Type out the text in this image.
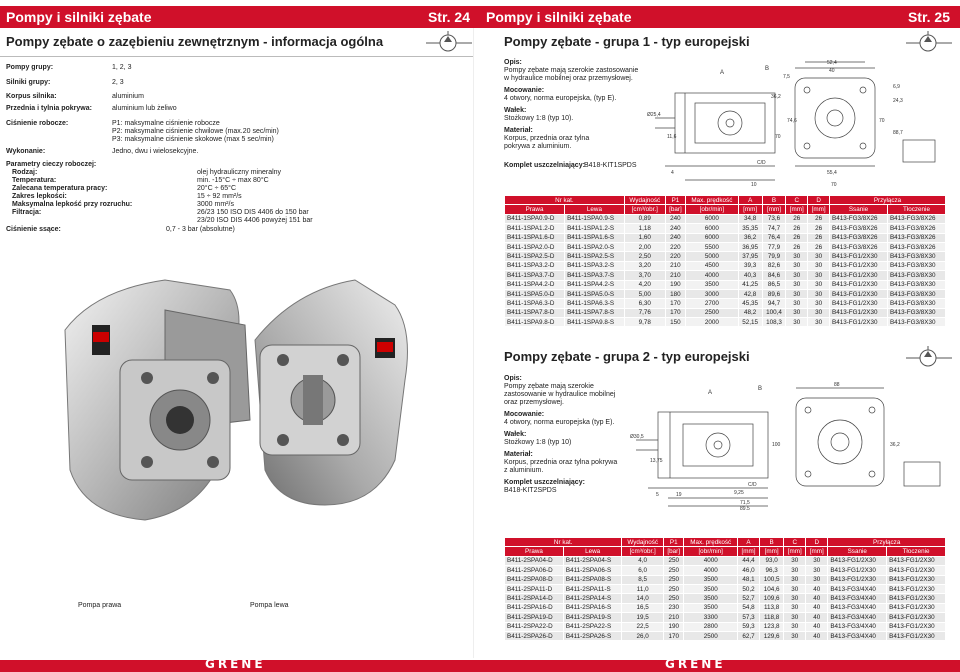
Pompy i silniki zębate	Str. 24
Pompy zębate o zazębieniu zewnętrznym - informacja ogólna
Pompy grupy:	1, 2, 3
Silniki grupy:	2, 3
Korpus silnika:	aluminium
Przednia i tylnia pokrywa:	aluminium lub żeliwo
Ciśnienie robocze:	P1: maksymalne ciśnienie robocze
P2: maksymalne ciśnienie chwilowe (max.20 sec/min)
P3: maksymalne ciśnienie skokowe (max 5 sec/min)
Wykonanie:	Jedno, dwu i wielosekcyjne.
Parametry cieczy roboczej:
Rodzaj:	olej hydrauliczny mineralny
Temperatura:	min. -15°C ÷ max 80°C
Zalecana temperatura pracy:	20°C ÷ 65°C
Zakres lepkości:	15 ÷ 92 mm²/s
Maksymalna lepkość przy rozruchu:	3000 mm²/s
Filtracja:	26/23 150 ISO DIS 4406 do 150 bar
23/20 ISO DIS 4406 powyżej 151 bar
Ciśnienie ssące:	0,7 - 3 bar (absolutne)
Pompa prawa	Pompa lewa
GRENE
Pompy i silniki zębate	Str. 25
Pompy zębate - grupa 1 - typ europejski
Opis:
Pompy zębate mają szerokie zastosowanie
w hydraulice mobilnej oraz przemysłowej.
Mocowanie:
4 otwory, norma europejska, (typ E).
Wałek:
Stożkowy 1:8 (typ 10).
Materiał:
Korpus, przednia oraz tylna
pokrywa z aluminium.
Komplet uszczelniający: B418-KIT1SPDS
A
B
52,4
40
74,6	70
6,9
24,3
88,7
36,2
7,5
Ø25,4
11,6	70
55,4
70
C/D
4
10
Nr kat.		Wydajność	P1	Max. prędkość	A	B	C	D	Przyłącza	
Prawa	Lewa	[cm³/obr.]	[bar]	[obr/min]	[mm]	[mm]	[mm]	[mm]	Ssanie	Tłoczenie
B411-1SPA0.9-D	B411-1SPA0.9-S	0,89	240	6000	34,8	73,6	26	26	B413-FG3/8X26	B413-FG3/8X26
B411-1SPA1.2-D	B411-1SPA1.2-S	1,18	240	6000	35,35	74,7	26	26	B413-FG3/8X26	B413-FG3/8X26
B411-1SPA1.6-D	B411-1SPA1.6-S	1,60	240	6000	36,2	76,4	26	26	B413-FG3/8X26	B413-FG3/8X26
B411-1SPA2.0-D	B411-1SPA2.0-S	2,00	220	5500	36,95	77,9	26	26	B413-FG3/8X26	B413-FG3/8X26
B411-1SPA2.5-D	B411-1SPA2.5-S	2,50	220	5000	37,95	79,9	30	30	B413-FG1/2X30	B413-FG3/8X30
B411-1SPA3.2-D	B411-1SPA3.2-S	3,20	210	4500	39,3	82,6	30	30	B413-FG1/2X30	B413-FG3/8X30
B411-1SPA3.7-D	B411-1SPA3.7-S	3,70	210	4000	40,3	84,6	30	30	B413-FG1/2X30	B413-FG3/8X30
B411-1SPA4.2-D	B411-1SPA4.2-S	4,20	190	3500	41,25	86,5	30	30	B413-FG1/2X30	B413-FG3/8X30
B411-1SPA5.0-D	B411-1SPA5.0-S	5,00	180	3000	42,8	89,6	30	30	B413-FG1/2X30	B413-FG3/8X30
B411-1SPA6.3-D	B411-1SPA6.3-S	6,30	170	2700	45,35	94,7	30	30	B413-FG1/2X30	B413-FG3/8X30
B411-1SPA7.8-D	B411-1SPA7.8-S	7,76	170	2500	48,2	100,4	30	30	B413-FG1/2X30	B413-FG3/8X30
B411-1SPA9.8-D	B411-1SPA9.8-S	9,78	150	2000	52,15	108,3	30	30	B413-FG1/2X30	B413-FG3/8X30
Pompy zębate - grupa 2 - typ europejski
Opis:
Pompy zębate mają szerokie
zastosowanie w hydraulice mobilnej
oraz przemysłowej.
Mocowanie:
4 otwory, norma europejska (typ E).
Wałek:
Stożkowy 1:8 (typ 10)
Materiał:
Korpus, przednia oraz tylna pokrywa
z aluminium.
Komplet uszczelniający:
B418-KIT2SPDS
A
B
88
100
Ø30,5
13,75
36,2
C/D
5	19	9,25
71,5
89,5
Nr kat.		Wydajność	P1	Max. prędkość	A	B	C	D	Przyłącza	
Prawa	Lewa	[cm³/obr.]	[bar]	[obr/min]	[mm]	[mm]	[mm]	[mm]	Ssanie	Tłoczenie
B411-2SPA04-D	B411-2SPA04-S	4,0	250	4000	44,4	93,0	30	30	B413-FG1/2X30	B413-FG1/2X30
B411-2SPA06-D	B411-2SPA06-S	6,0	250	4000	46,0	96,3	30	30	B413-FG1/2X30	B413-FG1/2X30
B411-2SPA08-D	B411-2SPA08-S	8,5	250	3500	48,1	100,5	30	30	B413-FG1/2X30	B413-FG1/2X30
B411-2SPA11-D	B411-2SPA11-S	11,0	250	3500	50,2	104,6	30	40	B413-FG3/4X40	B413-FG1/2X30
B411-2SPA14-D	B411-2SPA14-S	14,0	250	3500	52,7	109,6	30	40	B413-FG3/4X40	B413-FG1/2X30
B411-2SPA16-D	B411-2SPA16-S	16,5	230	3500	54,8	113,8	30	40	B413-FG3/4X40	B413-FG1/2X30
B411-2SPA19-D	B411-2SPA19-S	19,5	210	3300	57,3	118,8	30	40	B413-FG3/4X40	B413-FG1/2X30
B411-2SPA22-D	B411-2SPA22-S	22,5	190	2800	59,3	123,8	30	40	B413-FG3/4X40	B413-FG1/2X30
B411-2SPA26-D	B411-2SPA26-S	26,0	170	2500	62,7	129,6	30	40	B413-FG3/4X40	B413-FG1/2X30
GRENE
